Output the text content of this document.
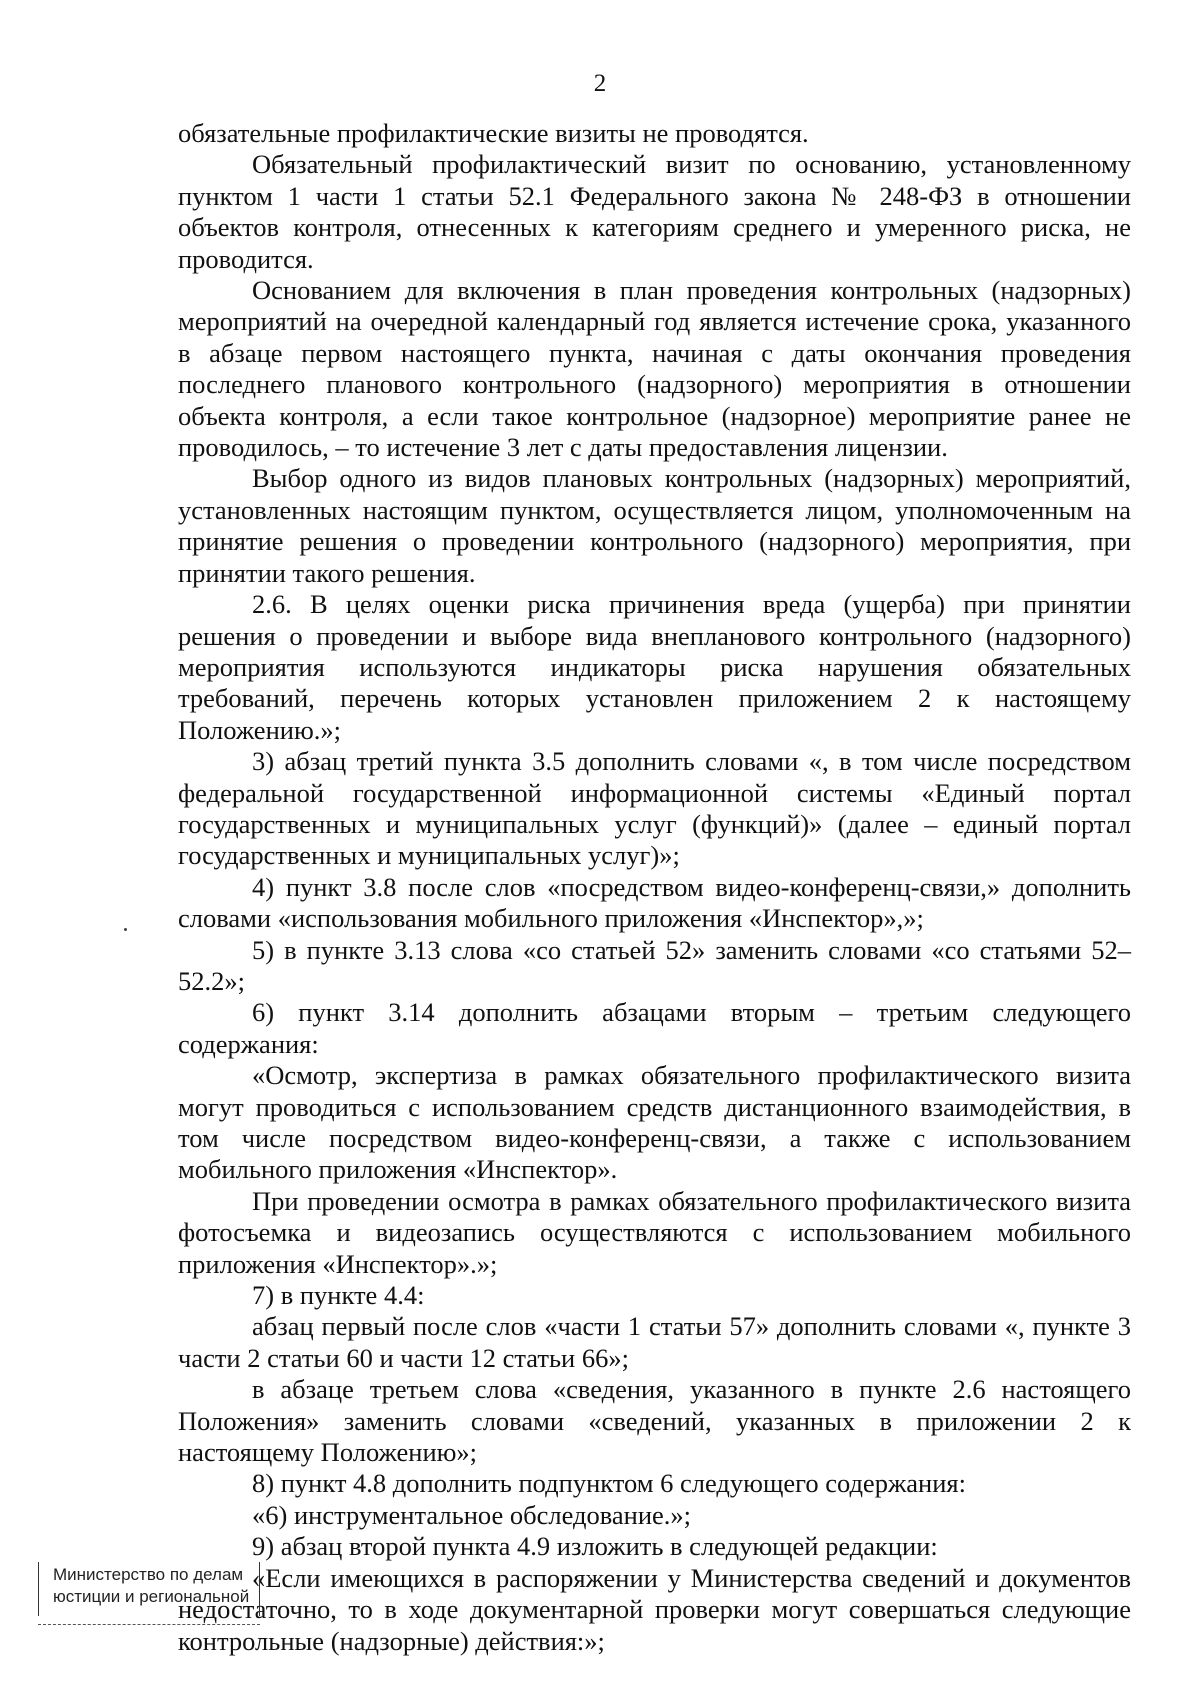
2

обязательные профилактические визиты не проводятся.

Обязательный профилактический визит по основанию, установленному пунктом 1 части 1 статьи 52.1 Федерального закона № 248-ФЗ в отношении объектов контроля, отнесенных к категориям среднего и умеренного риска, не проводится.

Основанием для включения в план проведения контрольных (надзорных) мероприятий на очередной календарный год является истечение срока, указанного в абзаце первом настоящего пункта, начиная с даты окончания проведения последнего планового контрольного (надзорного) мероприятия в отношении объекта контроля, а если такое контрольное (надзорное) мероприятие ранее не проводилось, – то истечение 3 лет с даты предоставления лицензии.

Выбор одного из видов плановых контрольных (надзорных) мероприятий, установленных настоящим пунктом, осуществляется лицом, уполномоченным на принятие решения о проведении контрольного (надзорного) мероприятия, при принятии такого решения.

2.6. В целях оценки риска причинения вреда (ущерба) при принятии решения о проведении и выборе вида внепланового контрольного (надзорного) мероприятия используются индикаторы риска нарушения обязательных требований, перечень которых установлен приложением 2 к настоящему Положению.»;

3) абзац третий пункта 3.5 дополнить словами «, в том числе посредством федеральной государственной информационной системы «Единый портал государственных и муниципальных услуг (функций)» (далее – единый портал государственных и муниципальных услуг)»;

4) пункт 3.8 после слов «посредством видео-конференц-связи,» дополнить словами «использования мобильного приложения «Инспектор»,»;

5) в пункте 3.13 слова «со статьей 52» заменить словами «со статьями 52–52.2»;

6) пункт 3.14 дополнить абзацами вторым – третьим следующего содержания:

«Осмотр, экспертиза в рамках обязательного профилактического визита могут проводиться с использованием средств дистанционного взаимодействия, в том числе посредством видео-конференц-связи, а также с использованием мобильного приложения «Инспектор».

При проведении осмотра в рамках обязательного профилактического визита фотосъемка и видеозапись осуществляются с использованием мобильного приложения «Инспектор».»;

7) в пункте 4.4:

абзац первый после слов «части 1 статьи 57» дополнить словами «, пункте 3 части 2 статьи 60 и части 12 статьи 66»;

в абзаце третьем слова «сведения, указанного в пункте 2.6 настоящего Положения» заменить словами «сведений, указанных в приложении 2 к настоящему Положению»;

8) пункт 4.8 дополнить подпунктом 6 следующего содержания:

«6) инструментальное обследование.»;

9) абзац второй пункта 4.9 изложить в следующей редакции:

«Если имеющихся в распоряжении у Министерства сведений и документов недостаточно, то в ходе документарной проверки могут совершаться следующие контрольные (надзорные) действия:»;

Министерство по делам
юстиции и региональной
